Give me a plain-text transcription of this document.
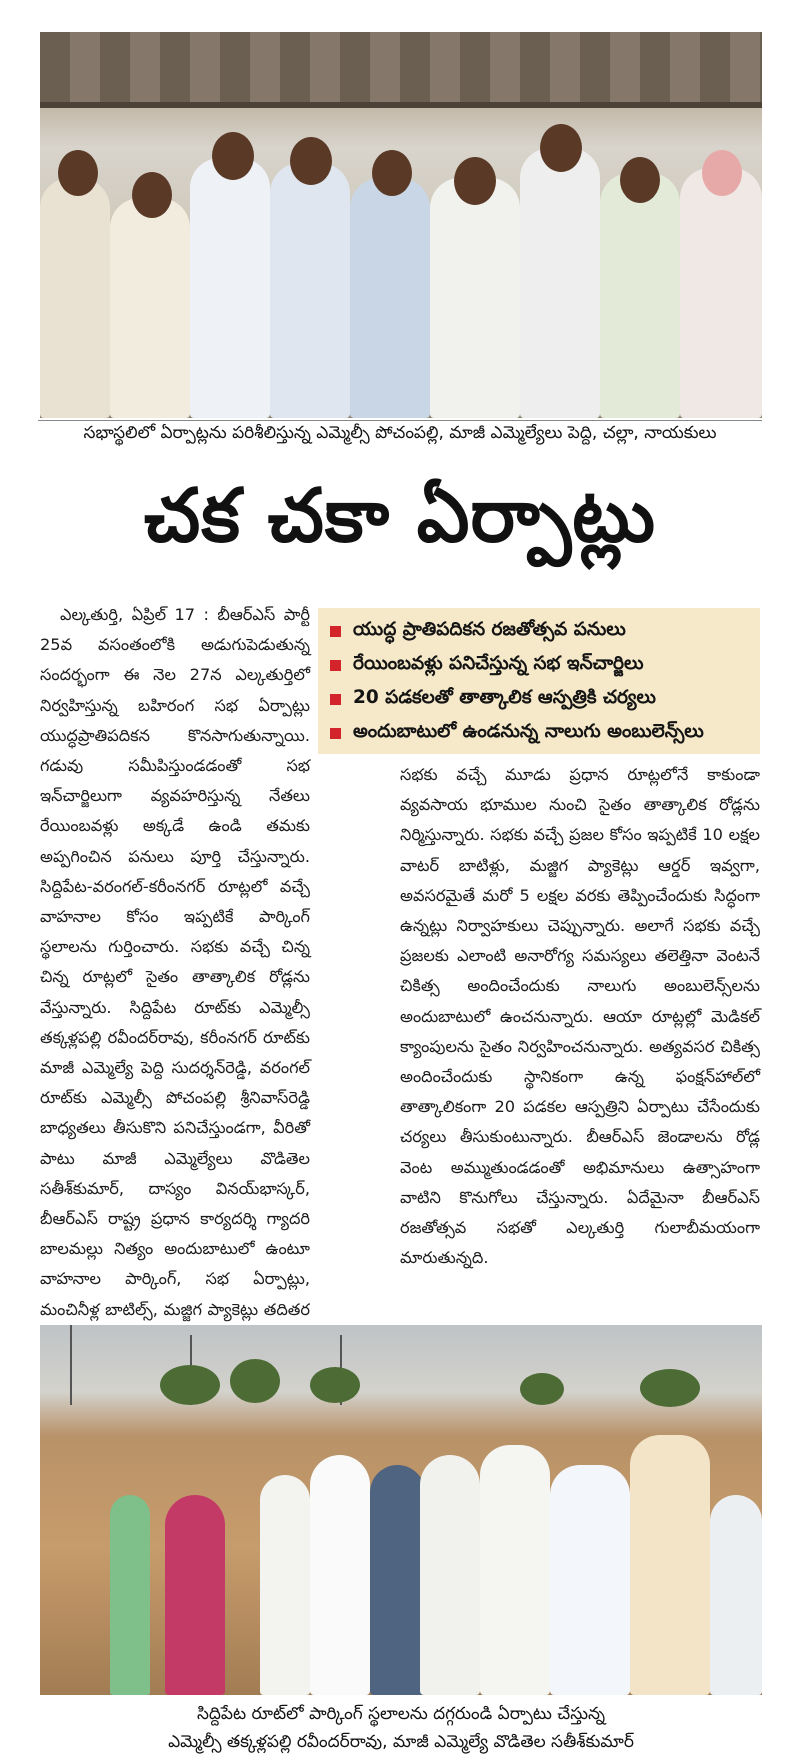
సభాస్థలిలో ఏర్పాట్లను పరిశీలిస్తున్న ఎమ్మెల్సీ పోచంపల్లి, మాజీ ఎమ్మెల్యేలు పెద్ది, చల్లా, నాయకులు
చక చకా ఏర్పాట్లు
యుద్ధ ప్రాతిపదికన రజతోత్సవ పనులు
రేయింబవళ్లు పనిచేస్తున్న సభ ఇన్‌చార్జిలు
20 పడకలతో తాత్కాలిక ఆస్పత్రికి చర్యలు
అందుబాటులో ఉండనున్న నాలుగు అంబులెన్స్‌లు

ఎల్కతుర్తి, ఏప్రిల్ 17 : బీఆర్‌ఎస్ పార్టీ 25వ వసంతంలోకి అడుగుపెడుతున్న సందర్భంగా ఈ నెల 27న ఎల్కతుర్తిలో నిర్వహిస్తున్న బహిరంగ సభ ఏర్పాట్లు యుద్ధప్రాతిపదికన కొనసాగుతున్నాయి. గడువు సమీపిస్తుండడంతో సభ ఇన్‌చార్జిలుగా వ్యవహరిస్తున్న నేతలు రేయింబవళ్లు అక్కడే ఉండి తమకు అప్పగించిన పనులు పూర్తి చేస్తున్నారు. సిద్దిపేట-వరంగల్-కరీంనగర్ రూట్లలో వచ్చే వాహనాల కోసం ఇప్పటికే పార్కింగ్ స్థలాలను గుర్తించారు. సభకు వచ్చే చిన్న చిన్న రూట్లలో సైతం తాత్కాలిక రోడ్లను వేస్తున్నారు. సిద్దిపేట రూట్‌కు ఎమ్మెల్సీ తక్కళ్లపల్లి రవీందర్‌రావు, కరీంనగర్ రూట్‌కు మాజీ ఎమ్మెల్యే పెద్ది సుదర్శన్‌రెడ్డి, వరంగల్ రూట్‌కు ఎమ్మెల్సీ పోచంపల్లి శ్రీనివాస్‌రెడ్డి బాధ్యతలు తీసుకొని పనిచేస్తుండగా, వీరితో పాటు మాజీ ఎమ్మెల్యేలు వొడితెల సతీశ్‌కుమార్, దాస్యం వినయ్‌భాస్కర్, బీఆర్‌ఎస్ రాష్ట్ర ప్రధాన కార్యదర్శి గ్యాదరి బాలమల్లు నిత్యం అందుబాటులో ఉంటూ వాహనాల పార్కింగ్, సభ ఏర్పాట్లు, మంచినీళ్ల బాటిల్స్, మజ్జిగ ప్యాకెట్లు తదితర

సభకు వచ్చే మూడు ప్రధాన రూట్లలోనే కాకుండా వ్యవసాయ భూముల నుంచి సైతం తాత్కాలిక రోడ్లను నిర్మిస్తున్నారు. సభకు వచ్చే ప్రజల కోసం ఇప్పటికే 10 లక్షల వాటర్ బాటిళ్లు, మజ్జిగ ప్యాకెట్లు ఆర్డర్ ఇవ్వగా, అవసరమైతే మరో 5 లక్షల వరకు తెప్పించేందుకు సిద్ధంగా ఉన్నట్లు నిర్వాహకులు చెప్పున్నారు. అలాగే సభకు వచ్చే ప్రజలకు ఎలాంటి అనారోగ్య సమస్యలు తలెత్తినా వెంటనే చికిత్స అందించేందుకు నాలుగు అంబులెన్స్‌లను అందుబాటులో ఉంచనున్నారు. ఆయా రూట్లల్లో మెడికల్ క్యాంపులను సైతం నిర్వహించనున్నారు. అత్యవసర చికిత్స అందించేందుకు స్థానికంగా ఉన్న ఫంక్షన్‌హాల్‌లో తాత్కాలికంగా 20 పడకల ఆస్పత్రిని ఏర్పాటు చేసేందుకు చర్యలు తీసుకుంటున్నారు. బీఆర్‌ఎస్ జెండాలను రోడ్ల వెంట అమ్ముతుండడంతో అభిమానులు ఉత్సాహంగా వాటిని కొనుగోలు చేస్తున్నారు. ఏదేమైనా బీఆర్‌ఎస్ రజతోత్సవ సభతో ఎల్కతుర్తి గులాబీమయంగా మారుతున్నది.

సిద్దిపేట రూట్‌లో పార్కింగ్ స్థలాలను దగ్గరుండి ఏర్పాటు చేస్తున్న
ఎమ్మెల్సీ తక్కళ్లపల్లి రవీందర్‌రావు, మాజీ ఎమ్మెల్యే వొడితెల సతీశ్‌కుమార్
